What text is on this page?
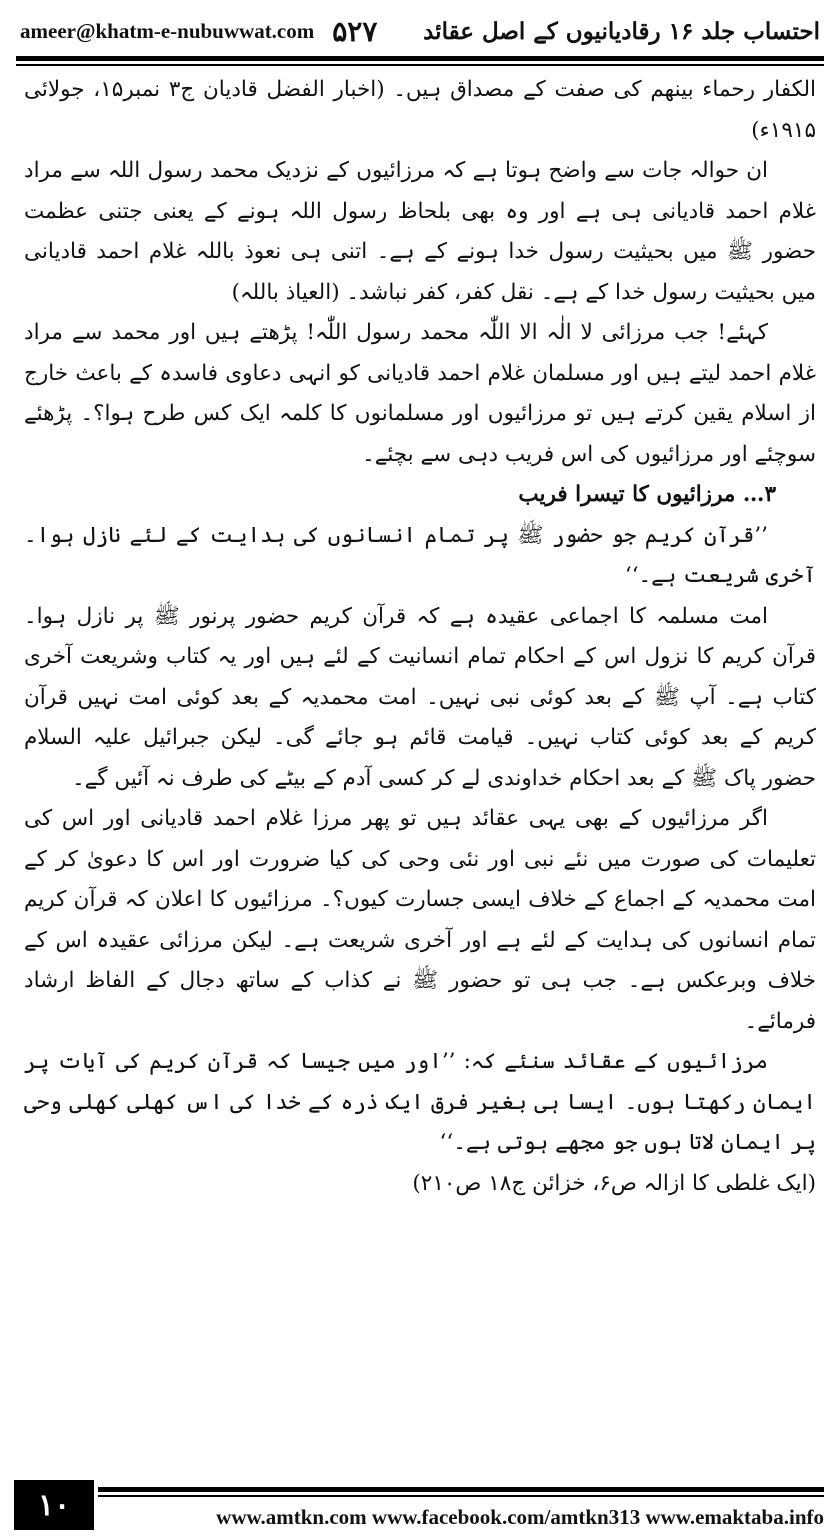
ameer@khatm-e-nubuwwat.com ۵۲۷ احتساب جلد ۱۶ رقادیانیوں کے اصل عقائد

الکفار رحماء بینھم کی صفت کے مصداق ہیں۔ (اخبار الفضل قادیان ج۳ نمبر۱۵، جولائی ۱۹۱۵ء)

ان حوالہ جات سے واضح ہوتا ہے کہ مرزائیوں کے نزدیک محمد رسول اللہ سے مراد غلام احمد قادیانی ہی ہے اور وہ بھی بلحاظ رسول اللہ ہونے کے یعنی جتنی عظمت حضور ﷺ میں بحیثیت رسول خدا ہونے کے ہے۔ اتنی ہی نعوذ باللہ غلام احمد قادیانی میں بحیثیت رسول خدا کے ہے۔ نقل کفر، کفر نباشد۔ (العیاذ باللہ)

کہئے! جب مرزائی لا الٰہ الا اللّٰہ محمد رسول اللّٰہ! پڑھتے ہیں اور محمد سے مراد غلام احمد لیتے ہیں اور مسلمان غلام احمد قادیانی کو انہی دعاوی فاسدہ کے باعث خارج از اسلام یقین کرتے ہیں تو مرزائیوں اور مسلمانوں کا کلمہ ایک کس طرح ہوا؟۔ پڑھئے سوچئے اور مرزائیوں کی اس فریب دہی سے بچئے۔

۳… مرزائیوں کا تیسرا فریب

’’قرآن کریم جو حضور ﷺ پر تمام انسانوں کی ہدایت کے لئے نازل ہوا۔ آخری شریعت ہے۔‘‘

امت مسلمہ کا اجماعی عقیدہ ہے کہ قرآن کریم حضور پرنور ﷺ پر نازل ہوا۔ قرآن کریم کا نزول اس کے احکام تمام انسانیت کے لئے ہیں اور یہ کتاب وشریعت آخری کتاب ہے۔ آپ ﷺ کے بعد کوئی نبی نہیں۔ امت محمدیہ کے بعد کوئی امت نہیں قرآن کریم کے بعد کوئی کتاب نہیں۔ قیامت قائم ہو جائے گی۔ لیکن جبرائیل علیہ السلام حضور پاک ﷺ کے بعد احکام خداوندی لے کر کسی آدم کے بیٹے کی طرف نہ آئیں گے۔

اگر مرزائیوں کے بھی یہی عقائد ہیں تو پھر مرزا غلام احمد قادیانی اور اس کی تعلیمات کی صورت میں نئے نبی اور نئی وحی کی کیا ضرورت اور اس کا دعویٰ کر کے امت محمدیہ کے اجماع کے خلاف ایسی جسارت کیوں؟۔ مرزائیوں کا اعلان کہ قرآن کریم تمام انسانوں کی ہدایت کے لئے ہے اور آخری شریعت ہے۔ لیکن مرزائی عقیدہ اس کے خلاف وبرعکس ہے۔ جب ہی تو حضور ﷺ نے کذاب کے ساتھ دجال کے الفاظ ارشاد فرمائے۔

مرزائیوں کے عقائد سنئے کہ: ’’اور میں جیسا کہ قرآن کریم کی آیات پر ایمان رکھتا ہوں۔ ایسا ہی بغیر فرق ایک ذرہ کے خدا کی اس کھلی کھلی وحی پر ایمان لاتا ہوں جو مجھے ہوتی ہے۔‘‘

(ایک غلطی کا ازالہ ص۶، خزائن ج۱۸ ص۲۱۰)

۱۰	www.amtkn.com www.facebook.com/amtkn313 www.emaktaba.info
